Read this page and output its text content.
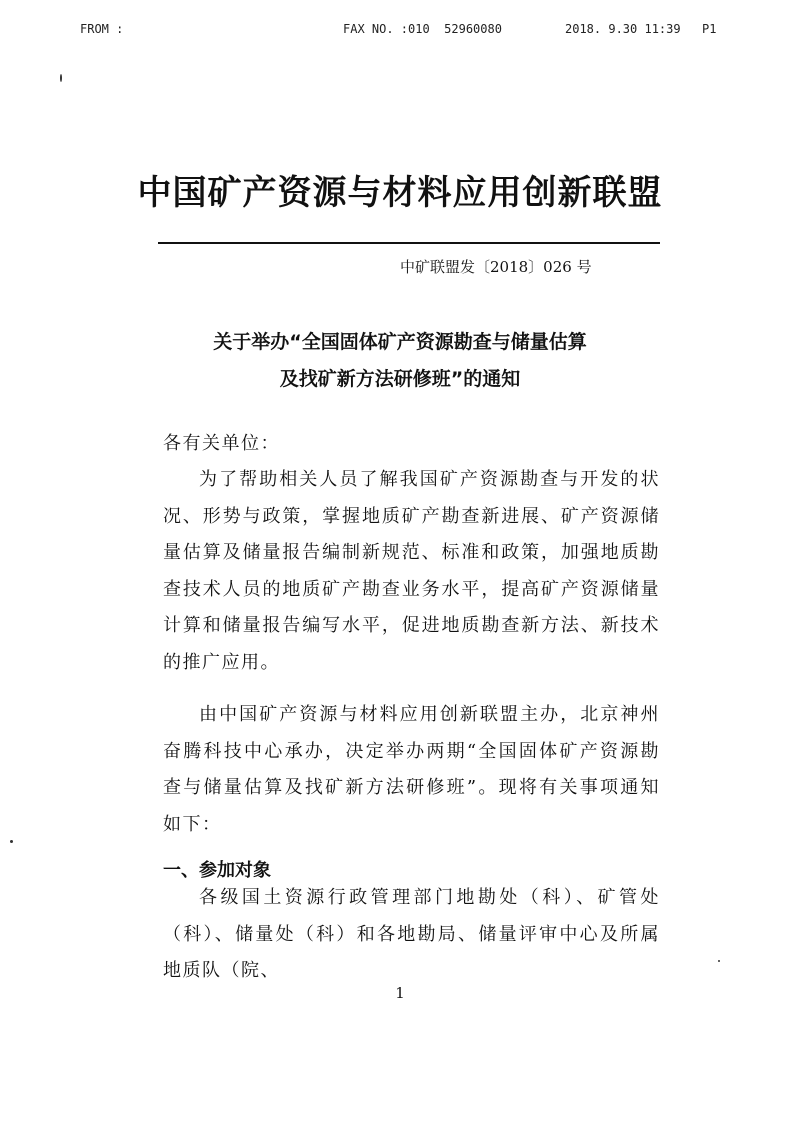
FROM :	FAX NO. :010  52960080	2018. 9.30 11:39 P1
中国矿产资源与材料应用创新联盟
中矿联盟发〔2018〕026 号
关于举办“全国固体矿产资源勘查与储量估算
及找矿新方法研修班”的通知
各有关单位：
为了帮助相关人员了解我国矿产资源勘查与开发的状况、形势与政策，掌握地质矿产勘查新进展、矿产资源储量估算及储量报告编制新规范、标准和政策，加强地质勘查技术人员的地质矿产勘查业务水平，提高矿产资源储量计算和储量报告编写水平，促进地质勘查新方法、新技术的推广应用。
由中国矿产资源与材料应用创新联盟主办，北京神州奋腾科技中心承办，决定举办两期“全国固体矿产资源勘查与储量估算及找矿新方法研修班”。现将有关事项通知如下：
一、参加对象
各级国土资源行政管理部门地勘处（科）、矿管处（科）、储量处（科）和各地勘局、储量评审中心及所属地质队（院、
1
